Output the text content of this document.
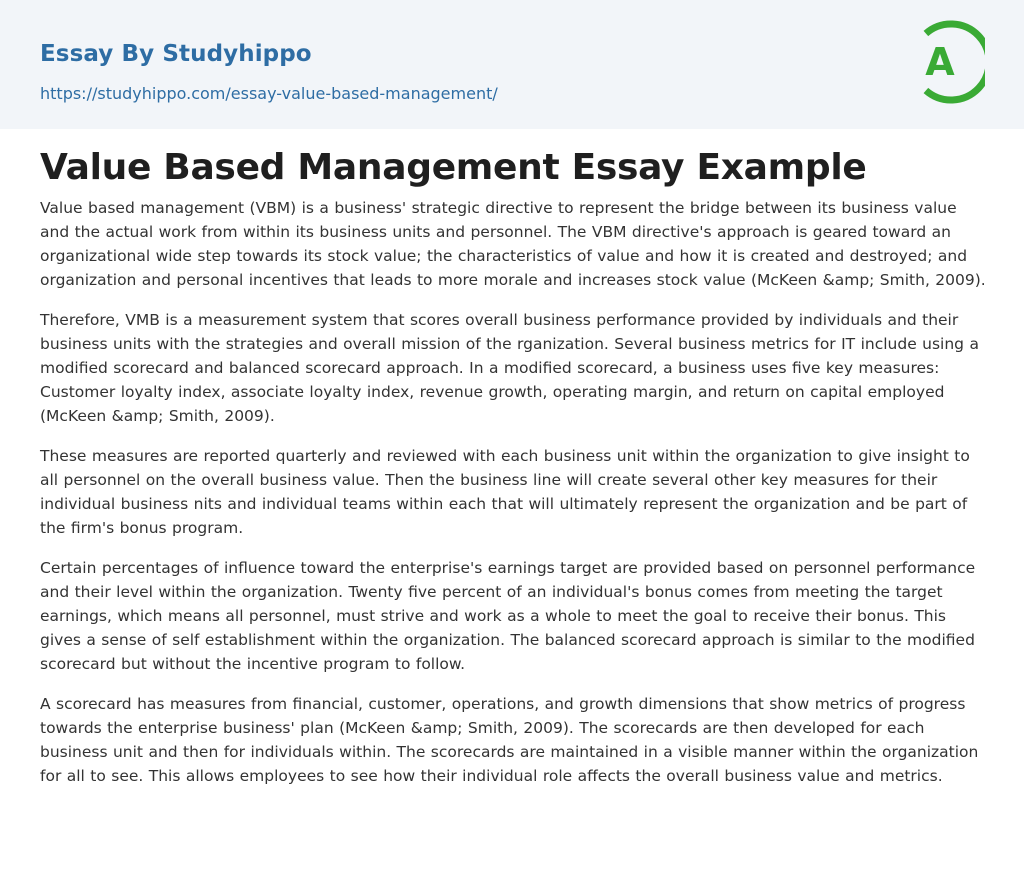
Essay By Studyhippo
https://studyhippo.com/essay-value-based-management/
A
Value Based Management Essay Example

Value based management (VBM) is a business' strategic directive to represent the bridge between its business value and the actual work from within its business units and personnel. The VBM directive's approach is geared toward an organizational wide step towards its stock value; the characteristics of value and how it is created and destroyed; and organization and personal incentives that leads to more morale and increases stock value (McKeen &amp; Smith, 2009).

Therefore, VMB is a measurement system that scores overall business performance provided by individuals and their business units with the strategies and overall mission of the rganization. Several business metrics for IT include using a modified scorecard and balanced scorecard approach. In a modified scorecard, a business uses five key measures: Customer loyalty index, associate loyalty index, revenue growth, operating margin, and return on capital employed (McKeen &amp; Smith, 2009).

These measures are reported quarterly and reviewed with each business unit within the organization to give insight to all personnel on the overall business value. Then the business line will create several other key measures for their individual business nits and individual teams within each that will ultimately represent the organization and be part of the firm's bonus program.

Certain percentages of influence toward the enterprise's earnings target are provided based on personnel performance and their level within the organization. Twenty five percent of an individual's bonus comes from meeting the target earnings, which means all personnel, must strive and work as a whole to meet the goal to receive their bonus. This gives a sense of self establishment within the organization. The balanced scorecard approach is similar to the modified scorecard but without the incentive program to follow.

A scorecard has measures from financial, customer, operations, and growth dimensions that show metrics of progress towards the enterprise business' plan (McKeen &amp; Smith, 2009). The scorecards are then developed for each business unit and then for individuals within. The scorecards are maintained in a visible manner within the organization for all to see. This allows employees to see how their individual role affects the overall business value and metrics.
